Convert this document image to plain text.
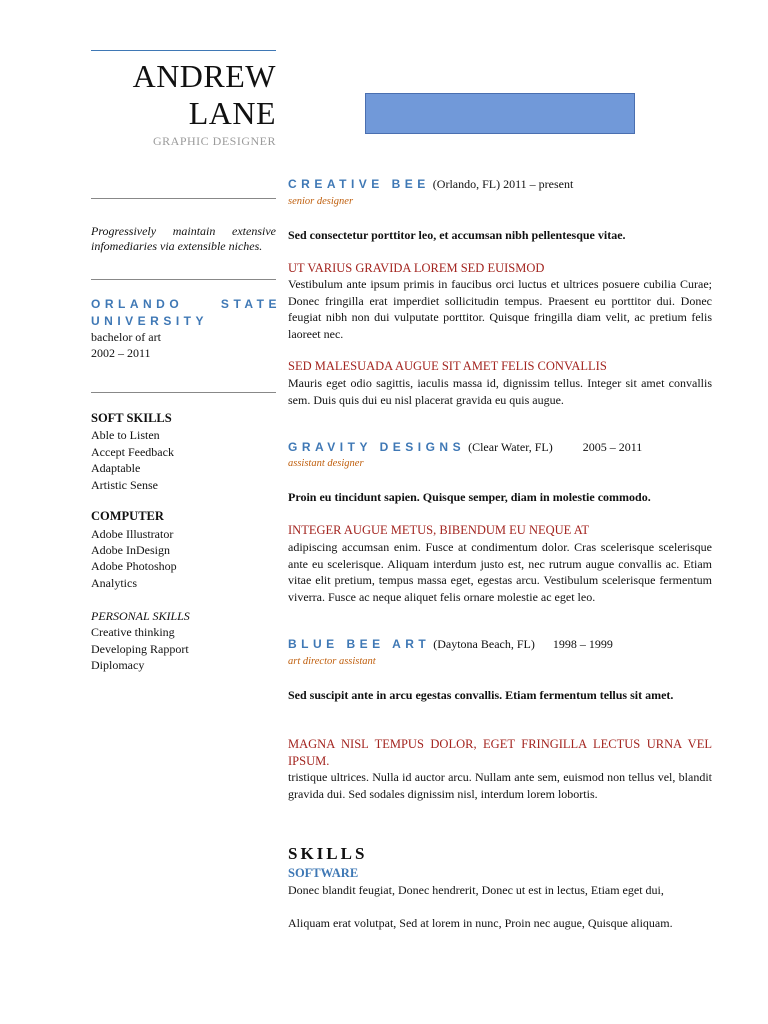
ANDREW
LANE
GRAPHIC DESIGNER
Progressively maintain extensive infomediaries via extensible niches.
ORLANDO STATE UNIVERSITY
bachelor of art
2002 – 2011
SOFT SKILLS
Able to Listen
Accept Feedback
Adaptable
Artistic Sense
COMPUTER
Adobe Illustrator
Adobe InDesign
Adobe Photoshop
Analytics
PERSONAL SKILLS
Creative thinking
Developing Rapport
Diplomacy
CREATIVE BEE (Orlando, FL) 2011 – present
senior designer
Sed consectetur porttitor leo, et accumsan nibh pellentesque vitae.
UT VARIUS GRAVIDA LOREM SED EUISMOD
Vestibulum ante ipsum primis in faucibus orci luctus et ultrices posuere cubilia Curae; Donec fringilla erat imperdiet sollicitudin tempus. Praesent eu porttitor dui. Donec feugiat nibh non dui vulputate porttitor. Quisque fringilla diam velit, ac pretium felis laoreet nec.
SED MALESUADA AUGUE SIT AMET FELIS CONVALLIS
Mauris eget odio sagittis, iaculis massa id, dignissim tellus. Integer sit amet convallis sem. Duis quis dui eu nisl placerat gravida eu quis augue.
GRAVITY DESIGNS (Clear Water, FL)          2005 – 2011
assistant designer
Proin eu tincidunt sapien. Quisque semper, diam in molestie commodo.
INTEGER AUGUE METUS, BIBENDUM EU NEQUE AT
adipiscing accumsan enim. Fusce at condimentum dolor. Cras scelerisque scelerisque ante eu scelerisque. Aliquam interdum justo est, nec rutrum augue convallis ac. Etiam vitae elit pretium, tempus massa eget, egestas arcu. Vestibulum scelerisque fermentum viverra. Fusce ac neque aliquet felis ornare molestie ac eget leo.
BLUE BEE ART (Daytona Beach, FL)      1998 – 1999
art director assistant
Sed suscipit ante in arcu egestas convallis. Etiam fermentum tellus sit amet.
MAGNA NISL TEMPUS DOLOR, EGET FRINGILLA LECTUS URNA VEL IPSUM.
tristique ultrices. Nulla id auctor arcu. Nullam ante sem, euismod non tellus vel, blandit gravida dui. Sed sodales dignissim nisl, interdum lorem lobortis.
SKILLS
SOFTWARE
Donec blandit feugiat, Donec hendrerit, Donec ut est in lectus, Etiam eget dui,
Aliquam erat volutpat, Sed at lorem in nunc, Proin nec augue, Quisque aliquam.
